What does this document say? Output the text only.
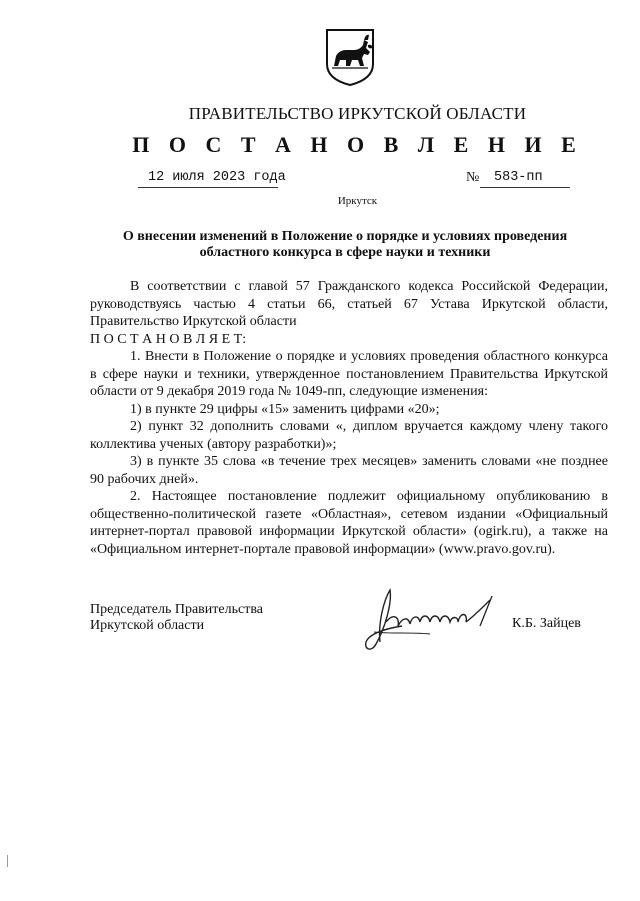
ПРАВИТЕЛЬСТВО ИРКУТСКОЙ ОБЛАСТИ
П О С Т А Н О В Л Е Н И Е
12 июля 2023 года	№ 583-пп
Иркутск
О внесении изменений в Положение о порядке и условиях проведения областного конкурса в сфере науки и техники

В соответствии с главой 57 Гражданского кодекса Российской Федерации, руководствуясь частью 4 статьи 66, статьей 67 Устава Иркутской области, Правительство Иркутской области

П О С Т А Н О В Л Я Е Т:

1. Внести в Положение о порядке и условиях проведения областного конкурса в сфере науки и техники, утвержденное постановлением Правительства Иркутской области от 9 декабря 2019 года № 1049-пп, следующие изменения:

1) в пункте 29 цифры «15» заменить цифрами «20»;

2) пункт 32 дополнить словами «, диплом вручается каждому члену такого коллектива ученых (автору разработки)»;

3) в пункте 35 слова «в течение трех месяцев» заменить словами «не позднее 90 рабочих дней».

2. Настоящее постановление подлежит официальному опубликованию в общественно-политической газете «Областная», сетевом издании «Официальный интернет-портал правовой информации Иркутской области» (ogirk.ru), а также на «Официальном интернет-портале правовой информации» (www.pravo.gov.ru).

Председатель Правительства
Иркутской области	К.Б. Зайцев
